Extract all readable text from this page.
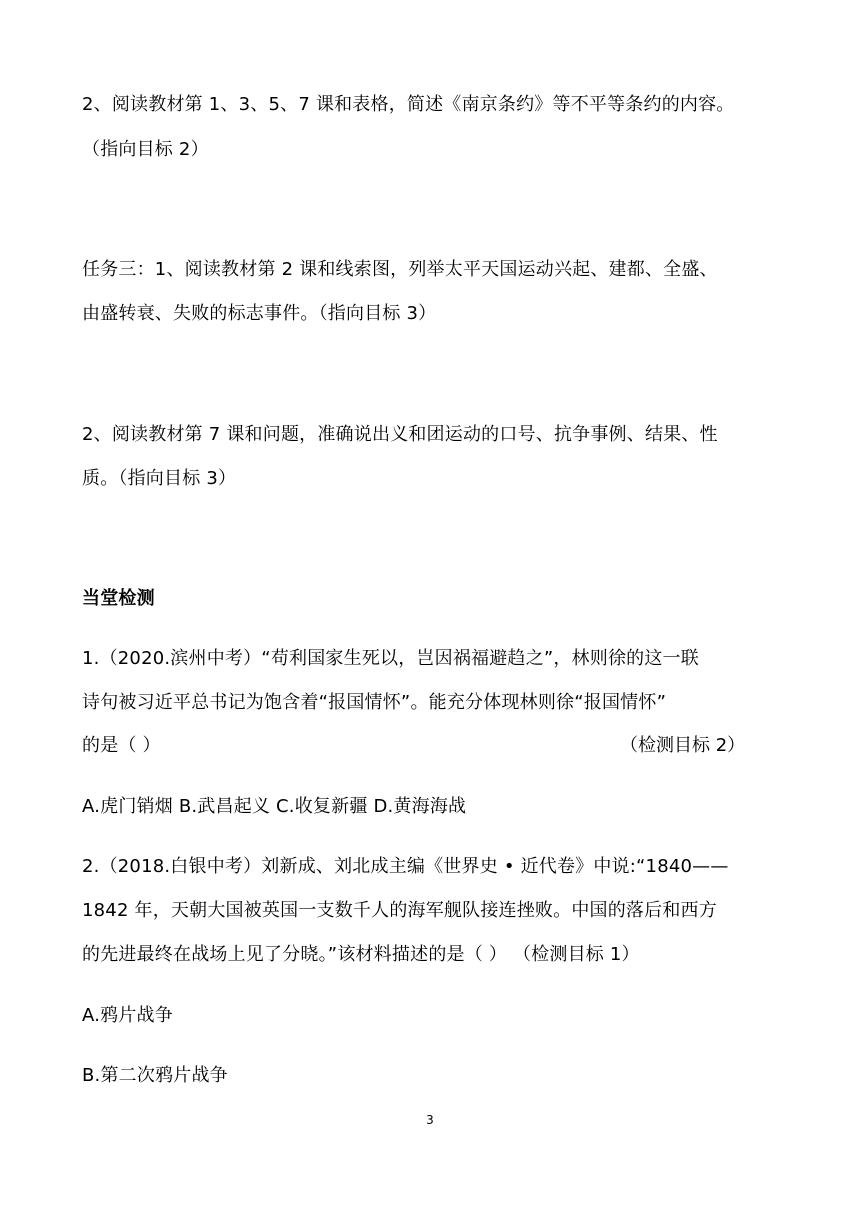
2、阅读教材第 1、3、5、7 课和表格，简述《南京条约》等不平等条约的内容。
（指向目标 2）
任务三：1、阅读教材第 2 课和线索图，列举太平天国运动兴起、建都、全盛、
由盛转衰、失败的标志事件。（指向目标 3）
2、阅读教材第 7 课和问题，准确说出义和团运动的口号、抗争事例、结果、性
质。（指向目标 3）
当堂检测
1.（2020.滨州中考）“苟利国家生死以，岂因祸福避趋之”，林则徐的这一联
诗句被习近平总书记为饱含着“报国情怀”。能充分体现林则徐“报国情怀”
的是（ ）	（检测目标 2）
A.虎门销烟 B.武昌起义 C.收复新疆 D.黄海海战
2.（2018.白银中考）刘新成、刘北成主编《世界史 • 近代卷》中说:“1840——
1842 年，天朝大国被英国一支数千人的海军舰队接连挫败。中国的落后和西方
的先进最终在战场上见了分晓。”该材料描述的是（ ） （检测目标 1）
A.鸦片战争
B.第二次鸦片战争
3
